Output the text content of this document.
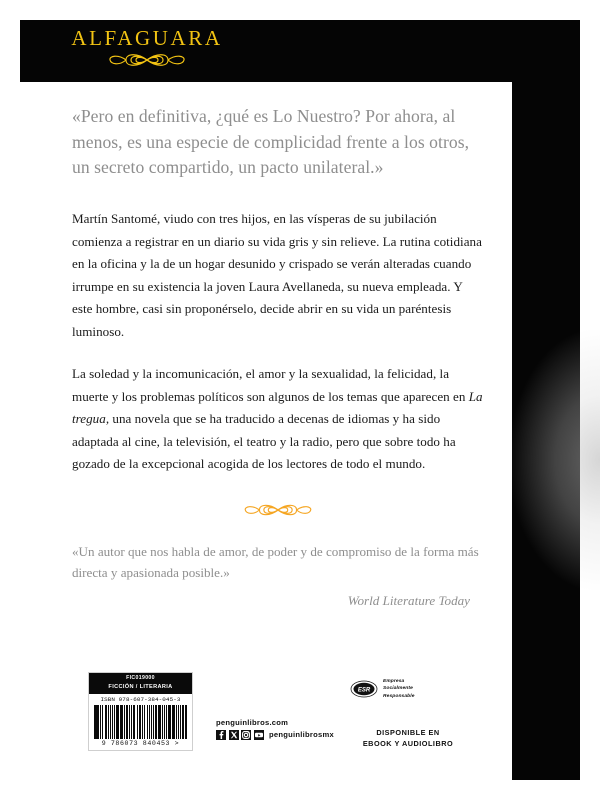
ALFAGUARA
«Pero en definitiva, ¿qué es Lo Nuestro? Por ahora, al menos, es una especie de complicidad frente a los otros, un secreto compartido, un pacto unilateral.»

Martín Santomé, viudo con tres hijos, en las vísperas de su jubilación comienza a registrar en un diario su vida gris y sin relieve. La rutina cotidiana en la oficina y la de un hogar desunido y crispado se verán alteradas cuando irrumpe en su existencia la joven Laura Avellaneda, su nueva empleada. Y este hombre, casi sin proponérselo, decide abrir en su vida un paréntesis luminoso.

La soledad y la incomunicación, el amor y la sexualidad, la felicidad, la muerte y los problemas políticos son algunos de los temas que aparecen en La tregua, una novela que se ha traducido a decenas de idiomas y ha sido adaptada al cine, la televisión, el teatro y la radio, pero que sobre todo ha gozado de la excepcional acogida de los lectores de todo el mundo.

«Un autor que nos habla de amor, de poder y de compromiso de la forma más directa y apasionada posible.»
World Literature Today
FIC019000
FICCIÓN / LITERARIA
ISBN 978-607-384-045-3
9 786073 840453 >
penguinlibros.com
penguinlibrosmx
ESR
Empresa
Socialmente
Responsable
DISPONIBLE EN
EBOOK Y AUDIOLIBRO
